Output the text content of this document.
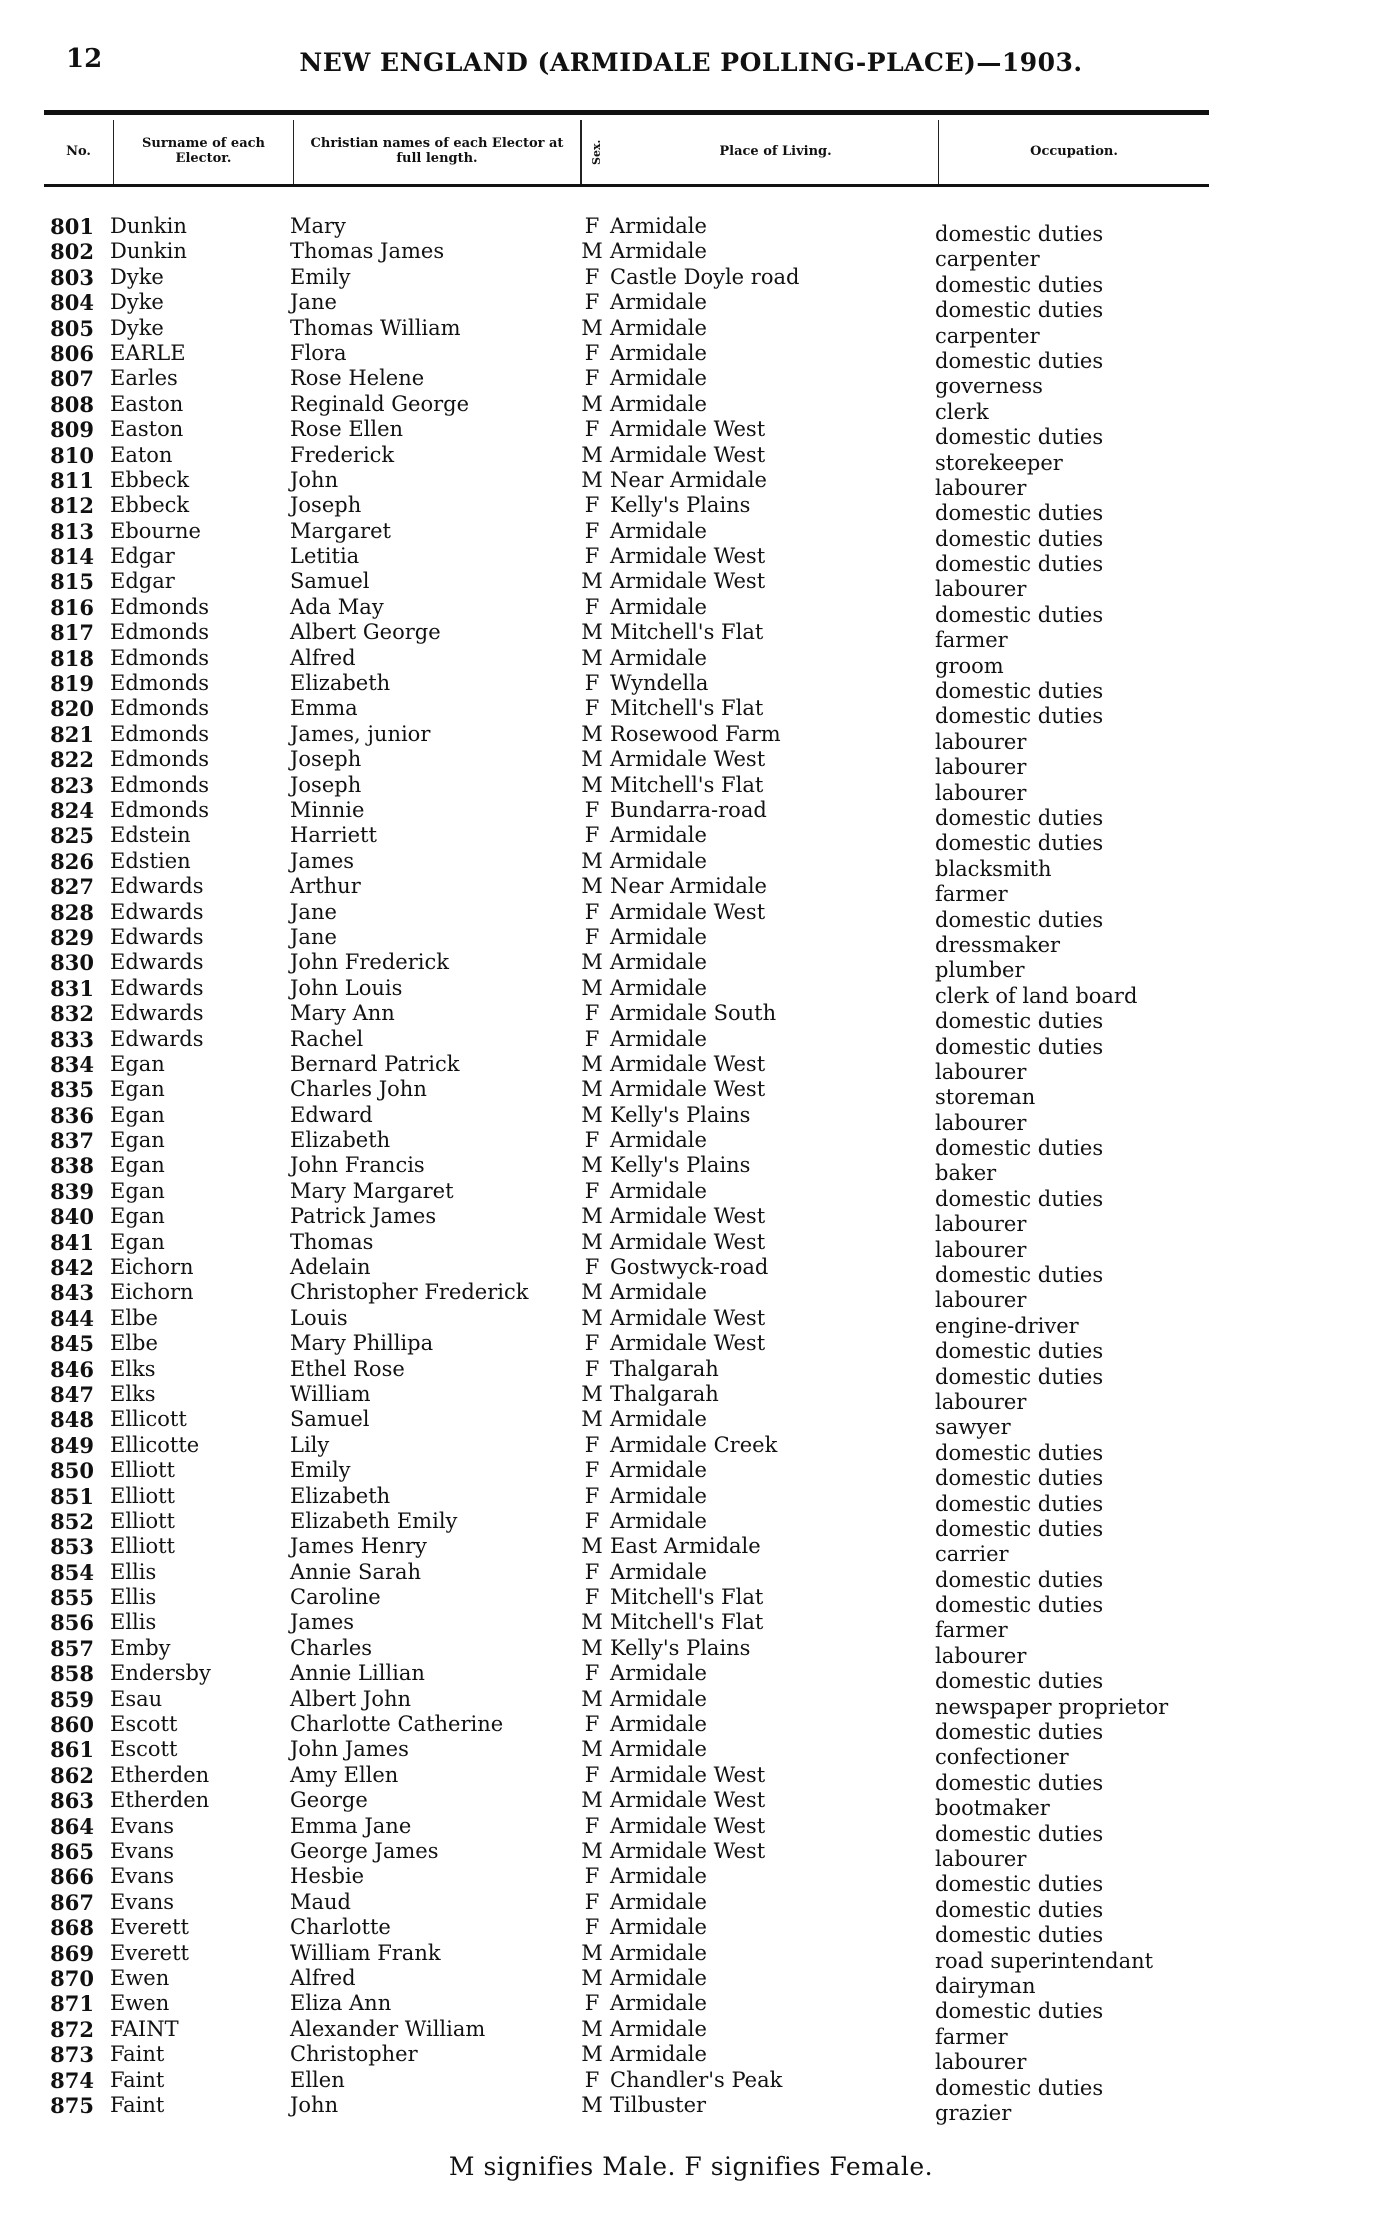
12	NEW ENGLAND (ARMIDALE POLLING-PLACE)—1903.
No.	Surname of each Elector.
Christian names of each Elector at full length.	Sex.	Place of Living.	Occupation.
801 Dunkin	Mary	F Armidale	domestic duties
802 Dunkin	Thomas James	M Armidale	carpenter
803 Dyke	Emily	F Castle Doyle road	domestic duties
804 Dyke	Jane	F Armidale	domestic duties
805 Dyke	Thomas William	M Armidale	carpenter
806 EARLE	Flora	F Armidale	domestic duties
807 Earles	Rose Helene	F Armidale	governess
808 Easton	Reginald George	M Armidale	clerk
809 Easton	Rose Ellen	F Armidale West	domestic duties
810 Eaton	Frederick	M Armidale West	storekeeper
811 Ebbeck	John	M Near Armidale	labourer
812 Ebbeck	Joseph	F Kelly's Plains	domestic duties
813 Ebourne	Margaret	F Armidale	domestic duties
814 Edgar	Letitia	F Armidale West	domestic duties
815 Edgar	Samuel	M Armidale West	labourer
816 Edmonds	Ada May	F Armidale	domestic duties
817 Edmonds	Albert George	M Mitchell's Flat	farmer
818 Edmonds	Alfred	M Armidale	groom
819 Edmonds	Elizabeth	F Wyndella	domestic duties
820 Edmonds	Emma	F Mitchell's Flat	domestic duties
821 Edmonds	James, junior	M Rosewood Farm	labourer
822 Edmonds	Joseph	M Armidale West	labourer
823 Edmonds	Joseph	M Mitchell's Flat	labourer
824 Edmonds	Minnie	F Bundarra-road	domestic duties
825 Edstein	Harriett	F Armidale	domestic duties
826 Edstien	James	M Armidale	blacksmith
827 Edwards	Arthur	M Near Armidale	farmer
828 Edwards	Jane	F Armidale West	domestic duties
829 Edwards	Jane	F Armidale	dressmaker
830 Edwards	John Frederick	M Armidale	plumber
831 Edwards	John Louis	M Armidale	clerk of land board
832 Edwards	Mary Ann	F Armidale South	domestic duties
833 Edwards	Rachel	F Armidale	domestic duties
834 Egan	Bernard Patrick	M Armidale West	labourer
835 Egan	Charles John	M Armidale West	storeman
836 Egan	Edward	M Kelly's Plains	labourer
837 Egan	Elizabeth	F Armidale	domestic duties
838 Egan	John Francis	M Kelly's Plains	baker
839 Egan	Mary Margaret	F Armidale	domestic duties
840 Egan	Patrick James	M Armidale West	labourer
841 Egan	Thomas	M Armidale West	labourer
842 Eichorn	Adelain	F Gostwyck-road	domestic duties
843 Eichorn	Christopher Frederick	M Armidale	labourer
844 Elbe	Louis	M Armidale West	engine-driver
845 Elbe	Mary Phillipa	F Armidale West	domestic duties
846 Elks	Ethel Rose	F Thalgarah	domestic duties
847 Elks	William	M Thalgarah	labourer
848 Ellicott	Samuel	M Armidale	sawyer
849 Ellicotte	Lily	F Armidale Creek	domestic duties
850 Elliott	Emily	F Armidale	domestic duties
851 Elliott	Elizabeth	F Armidale	domestic duties
852 Elliott	Elizabeth Emily	F Armidale	domestic duties
853 Elliott	James Henry	M East Armidale	carrier
854 Ellis	Annie Sarah	F Armidale	domestic duties
855 Ellis	Caroline	F Mitchell's Flat	domestic duties
856 Ellis	James	M Mitchell's Flat	farmer
857 Emby	Charles	M Kelly's Plains	labourer
858 Endersby	Annie Lillian	F Armidale	domestic duties
859 Esau	Albert John	M Armidale	newspaper proprietor
860 Escott	Charlotte Catherine	F Armidale	domestic duties
861 Escott	John James	M Armidale	confectioner
862 Etherden	Amy Ellen	F Armidale West	domestic duties
863 Etherden	George	M Armidale West	bootmaker
864 Evans	Emma Jane	F Armidale West	domestic duties
865 Evans	George James	M Armidale West	labourer
866 Evans	Hesbie	F Armidale	domestic duties
867 Evans	Maud	F Armidale	domestic duties
868 Everett	Charlotte	F Armidale	domestic duties
869 Everett	William Frank	M Armidale	road superintendant
870 Ewen	Alfred	M Armidale	dairyman
871 Ewen	Eliza Ann	F Armidale	domestic duties
872 FAINT	Alexander William	M Armidale	farmer
873 Faint	Christopher	M Armidale	labourer
874 Faint	Ellen	F Chandler's Peak	domestic duties
875 Faint	John	M Tilbuster	grazier
M signifies Male. F signifies Female.
